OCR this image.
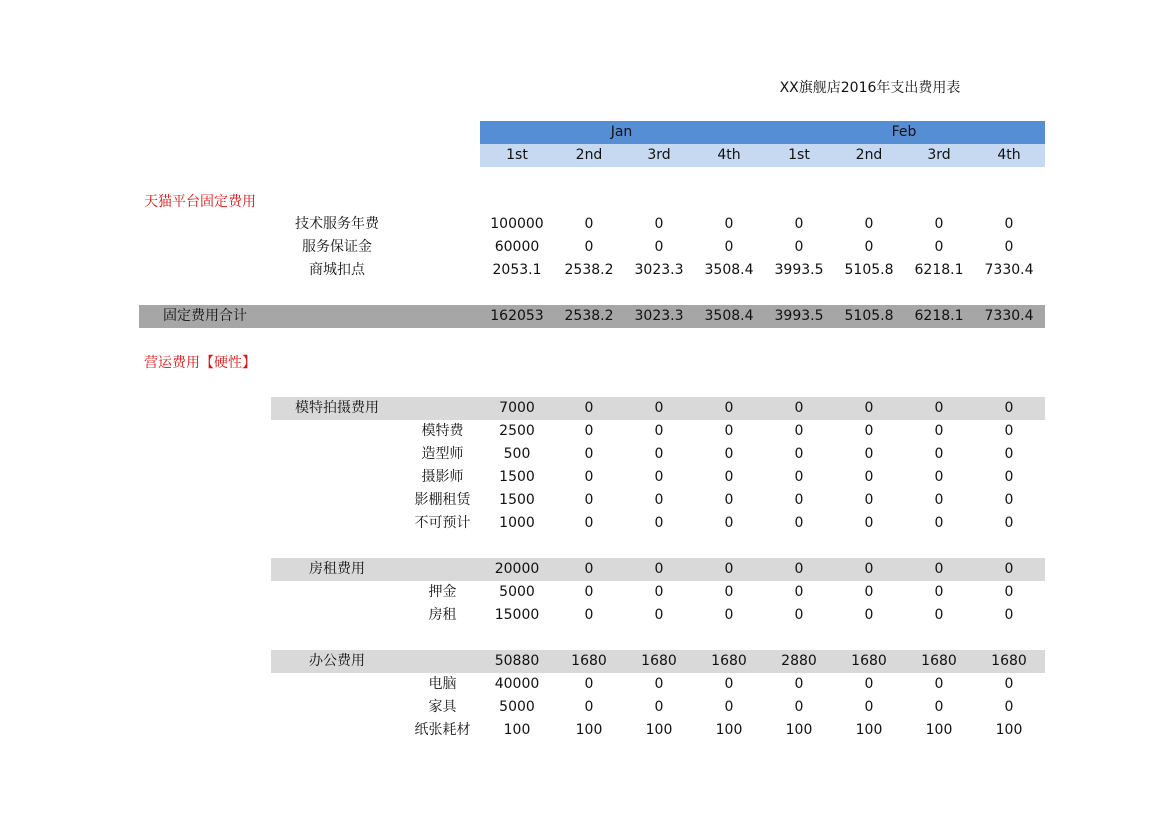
XX旗舰店2016年支出费用表
Jan	Feb
天猫平台固定费用
营运费用【硬性】
1st	2nd	3rd	4th	1st	2nd	3rd	4th
技术服务年费	100000	0	0	0	0	0	0	0
服务保证金	60000	0	0	0	0	0	0	0
商城扣点	2053.1	2538.2	3023.3	3508.4	3993.5	5105.8	6218.1	7330.4
固定费用合计	162053	2538.2	3023.3	3508.4	3993.5	5105.8	6218.1	7330.4
模特拍摄费用	7000	0	0	0	0	0	0	0
模特费	2500	0	0	0	0	0	0	0
造型师	500	0	0	0	0	0	0	0
摄影师	1500	0	0	0	0	0	0	0
影棚租赁	1500	0	0	0	0	0	0	0
不可预计	1000	0	0	0	0	0	0	0
房租费用	20000	0	0	0	0	0	0	0
押金	5000	0	0	0	0	0	0	0
房租	15000	0	0	0	0	0	0	0
办公费用	50880	1680	1680	1680	2880	1680	1680	1680
电脑	40000	0	0	0	0	0	0	0
家具	5000	0	0	0	0	0	0	0
纸张耗材	100	100	100	100	100	100	100	100
